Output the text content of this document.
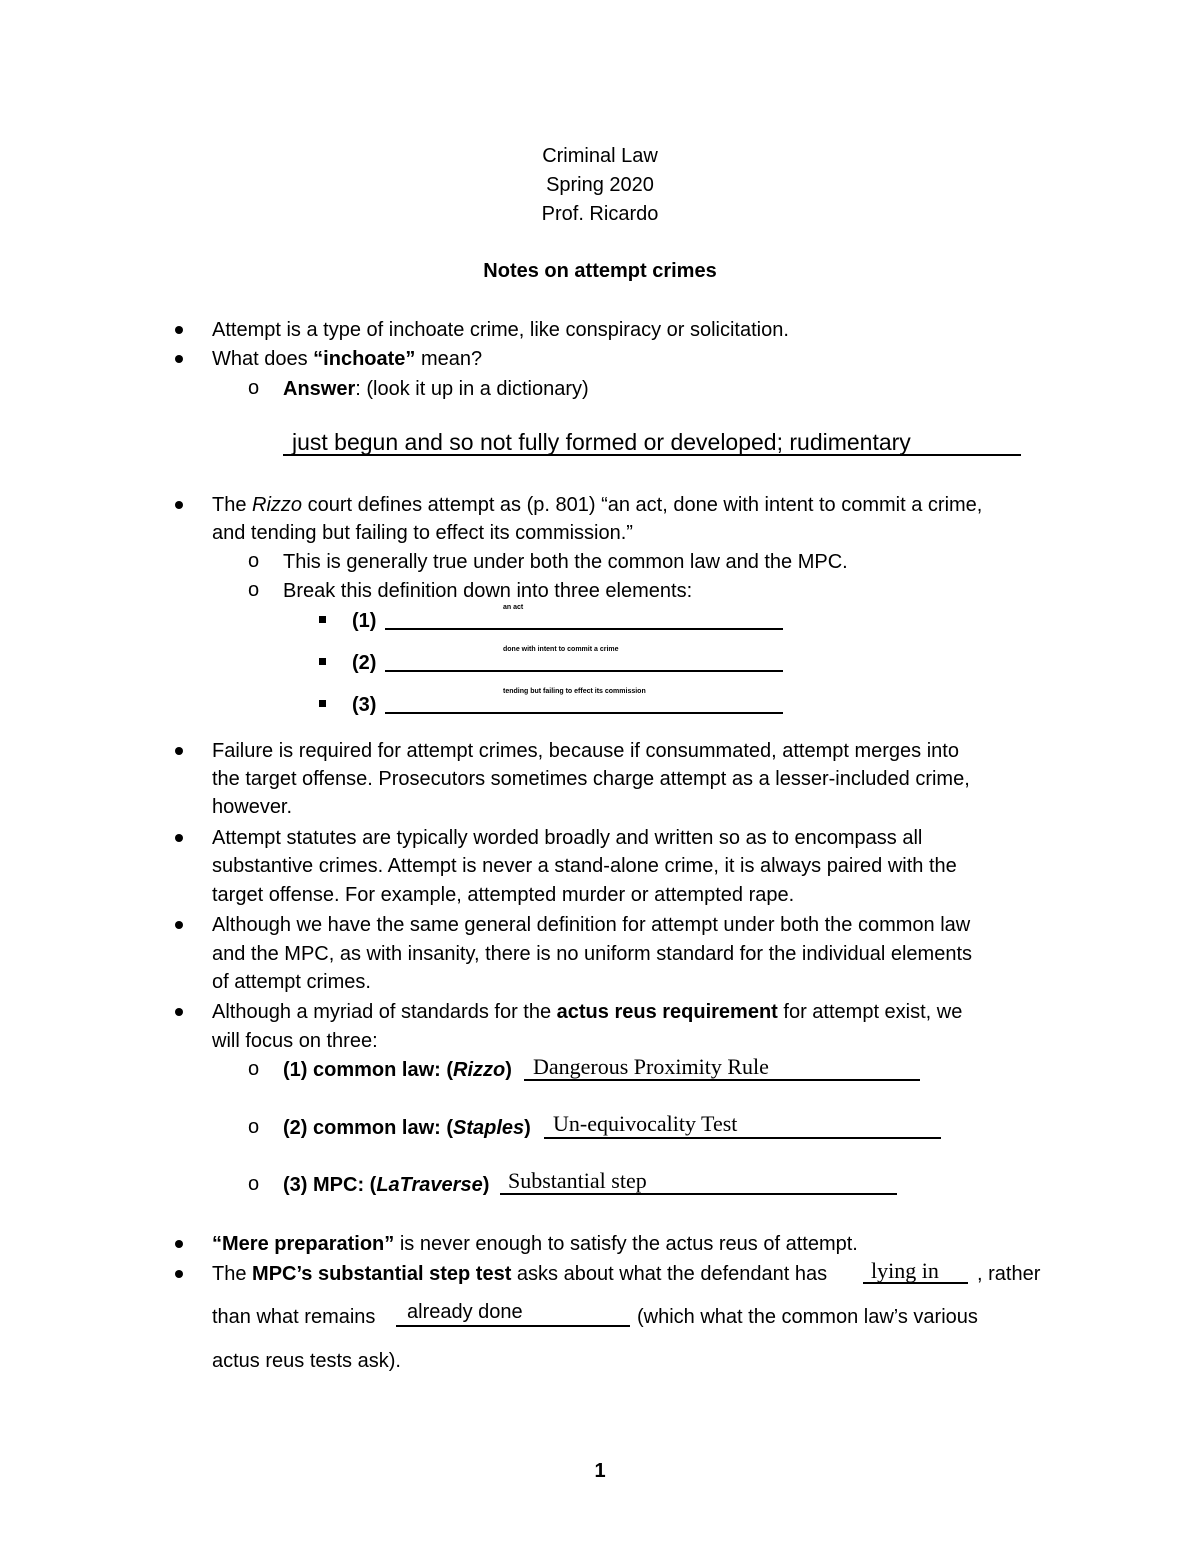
Criminal Law
Spring 2020
Prof. Ricardo
Notes on attempt crimes
Attempt is a type of inchoate crime, like conspiracy or solicitation.
What does “inchoate” mean?
o Answer: (look it up in a dictionary)
just begun and so not fully formed or developed; rudimentary
The Rizzo court defines attempt as (p. 801) “an act, done with intent to commit a crime,
and tending but failing to effect its commission.”
o This is generally true under both the common law and the MPC.
o Break this definition down into three elements:
(1)
an act
(2)
done with intent to commit a crime
(3)
tending but failing to effect its commission
Failure is required for attempt crimes, because if consummated, attempt merges into
the target offense. Prosecutors sometimes charge attempt as a lesser-included crime,
however.
Attempt statutes are typically worded broadly and written so as to encompass all
substantive crimes. Attempt is never a stand-alone crime, it is always paired with the
target offense. For example, attempted murder or attempted rape.
Although we have the same general definition for attempt under both the common law
and the MPC, as with insanity, there is no uniform standard for the individual elements
of attempt crimes.
Although a myriad of standards for the actus reus requirement for attempt exist, we
will focus on three:
o (1) common law: (Rizzo) Dangerous Proximity Rule
o (2) common law: (Staples) Un-equivocality Test
o (3) MPC: (LaTraverse) Substantial step
“Mere preparation” is never enough to satisfy the actus reus of attempt.
The MPC’s substantial step test asks about what the defendant has lying in , rather
than what remains already done	(which what the common law’s various
actus reus tests ask).
1
